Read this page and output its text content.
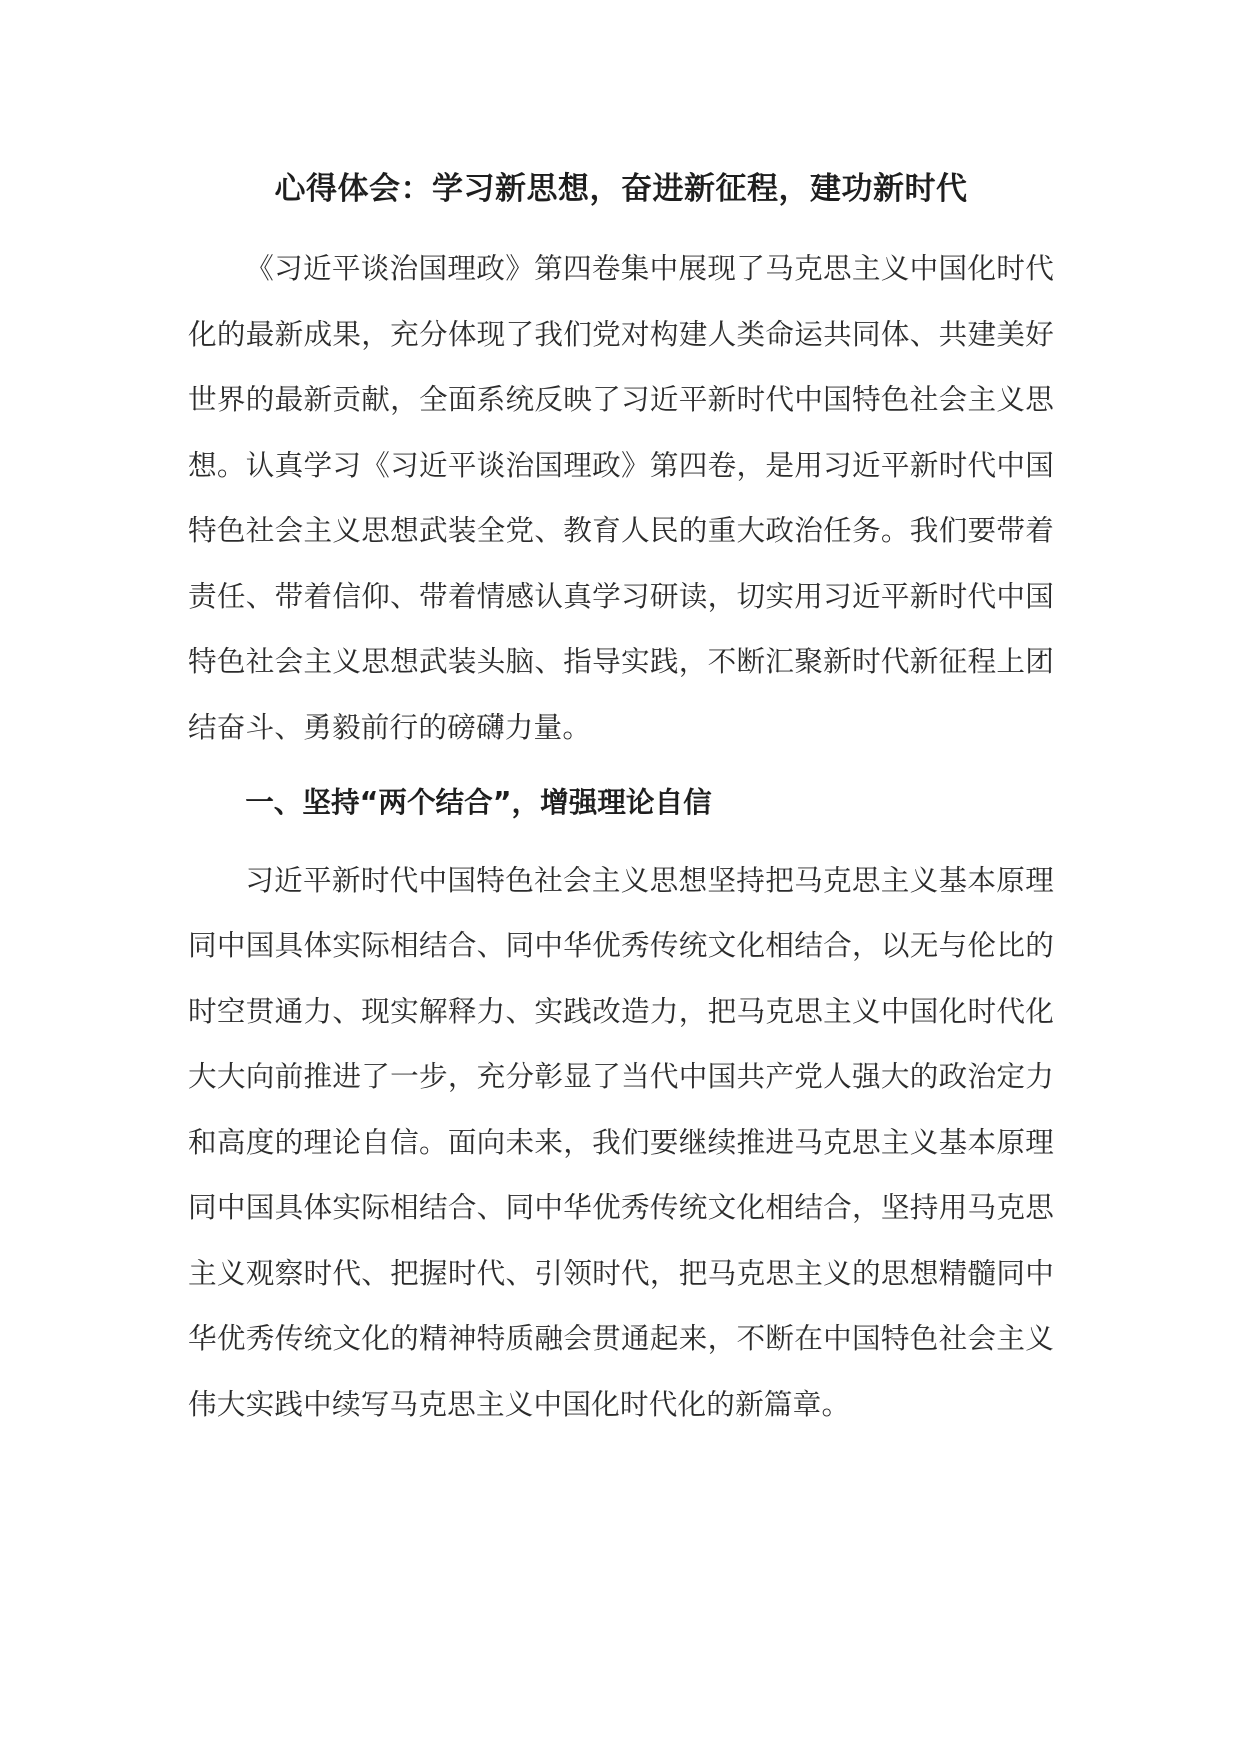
心得体会：学习新思想，奋进新征程，建功新时代

《习近平谈治国理政》第四卷集中展现了马克思主义中国化时代化的最新成果，充分体现了我们党对构建人类命运共同体、共建美好世界的最新贡献，全面系统反映了习近平新时代中国特色社会主义思想。认真学习《习近平谈治国理政》第四卷，是用习近平新时代中国特色社会主义思想武装全党、教育人民的重大政治任务。我们要带着责任、带着信仰、带着情感认真学习研读，切实用习近平新时代中国特色社会主义思想武装头脑、指导实践，不断汇聚新时代新征程上团结奋斗、勇毅前行的磅礴力量。

一、坚持“两个结合”，增强理论自信

习近平新时代中国特色社会主义思想坚持把马克思主义基本原理同中国具体实际相结合、同中华优秀传统文化相结合，以无与伦比的时空贯通力、现实解释力、实践改造力，把马克思主义中国化时代化大大向前推进了一步，充分彰显了当代中国共产党人强大的政治定力和高度的理论自信。面向未来，我们要继续推进马克思主义基本原理同中国具体实际相结合、同中华优秀传统文化相结合，坚持用马克思主义观察时代、把握时代、引领时代，把马克思主义的思想精髓同中华优秀传统文化的精神特质融会贯通起来，不断在中国特色社会主义伟大实践中续写马克思主义中国化时代化的新篇章。
